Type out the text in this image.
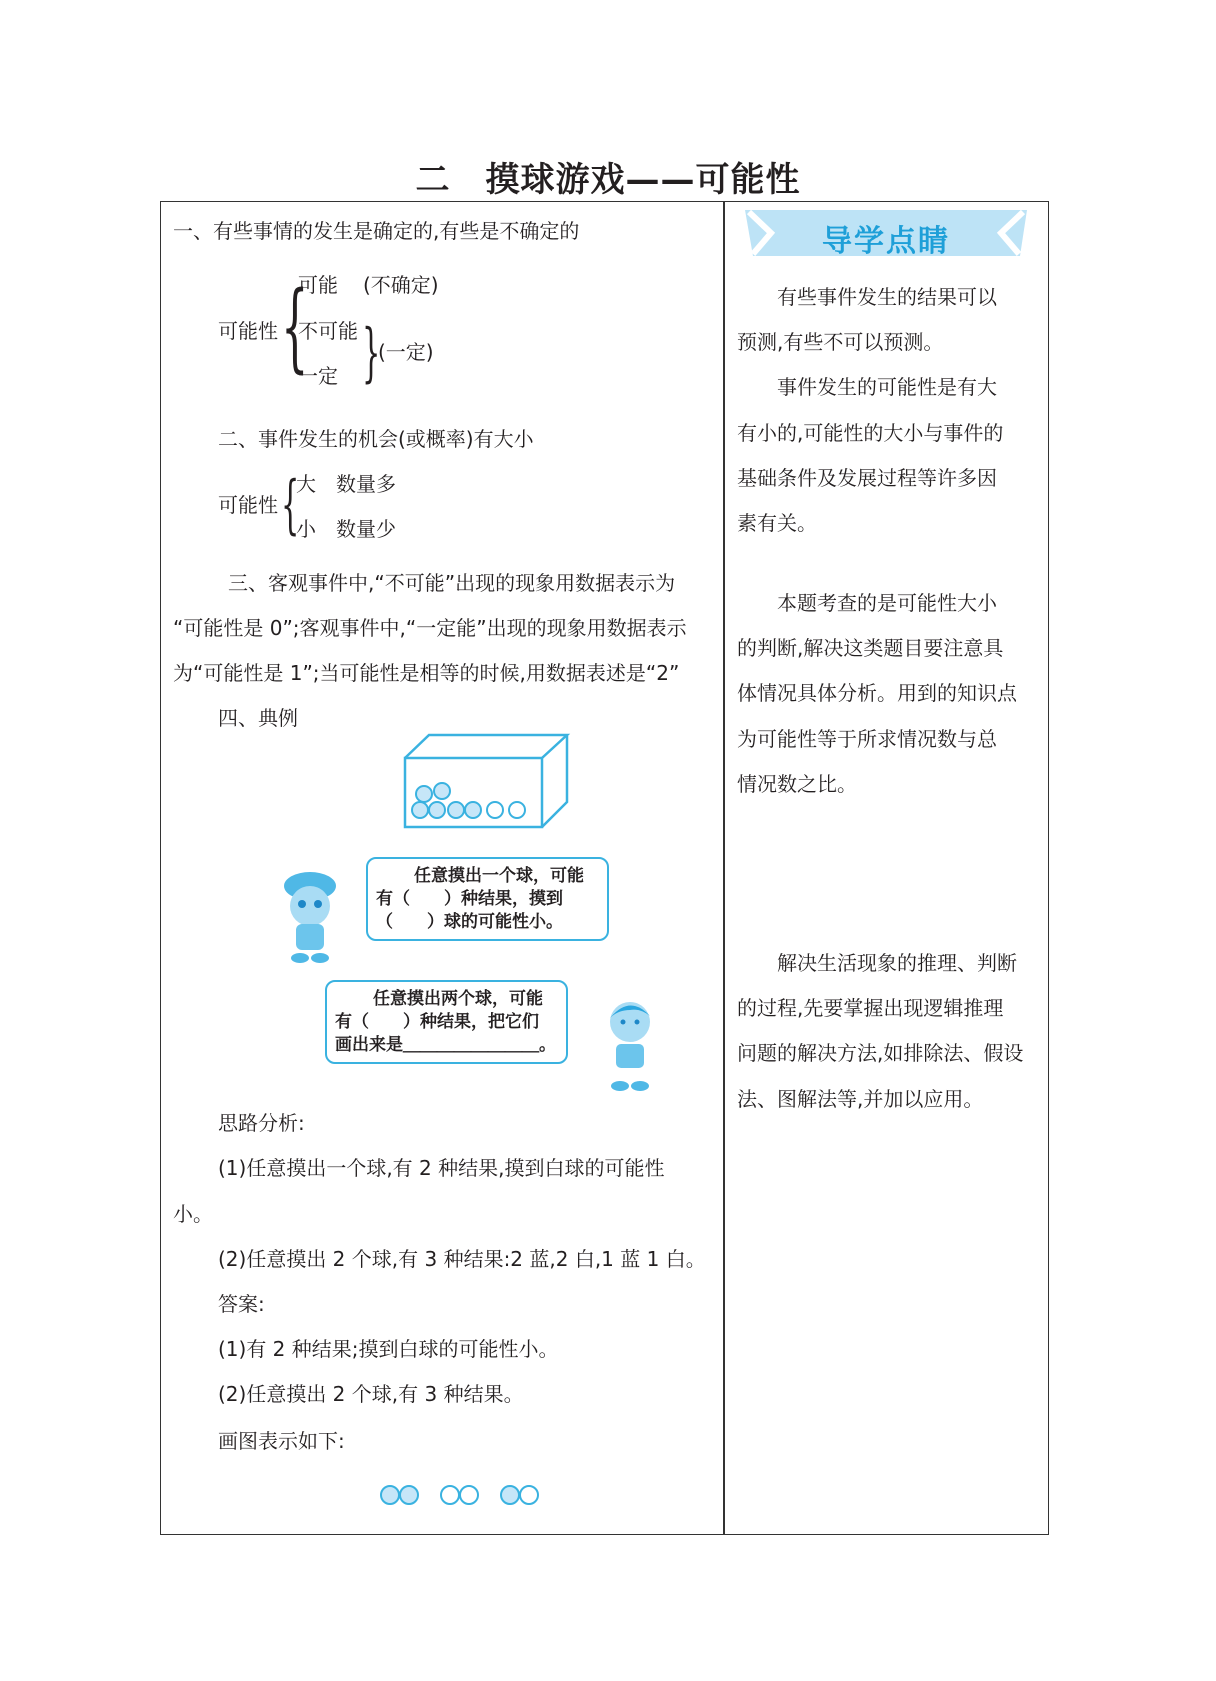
二　摸球游戏——可能性
一、有些事情的发生是确定的,有些是不确定的
可能性 {
可能 (不确定)
不可能
一定 }
(一定)
二、事件发生的机会(或概率)有大小
可能性 {
大　数量多
小　数量少
三、客观事件中,“不可能”出现的现象用数据表示为
“可能性是 0”;客观事件中,“一定能”出现的现象用数据表示
为“可能性是 1”;当可能性是相等的时候,用数据表述是“2”
四、典例
任意摸出一个球，可能
有（　　）种结果，摸到
（　　）球的可能性小。
任意摸出两个球，可能
有（　　）种结果，把它们
画出来是＿＿＿＿＿＿＿＿。
思路分析:
(1)任意摸出一个球,有 2 种结果,摸到白球的可能性
小。
(2)任意摸出 2 个球,有 3 种结果:2 蓝,2 白,1 蓝 1 白。
答案:
(1)有 2 种结果;摸到白球的可能性小。
(2)任意摸出 2 个球,有 3 种结果。
画图表示如下:
导学点睛
　　有些事件发生的结果可以
预测,有些不可以预测。
　　事件发生的可能性是有大
有小的,可能性的大小与事件的
基础条件及发展过程等许多因
素有关。
　　本题考查的是可能性大小
的判断,解决这类题目要注意具
体情况具体分析。用到的知识点
为可能性等于所求情况数与总
情况数之比。
　　解决生活现象的推理、判断
的过程,先要掌握出现逻辑推理
问题的解决方法,如排除法、假设
法、图解法等,并加以应用。
